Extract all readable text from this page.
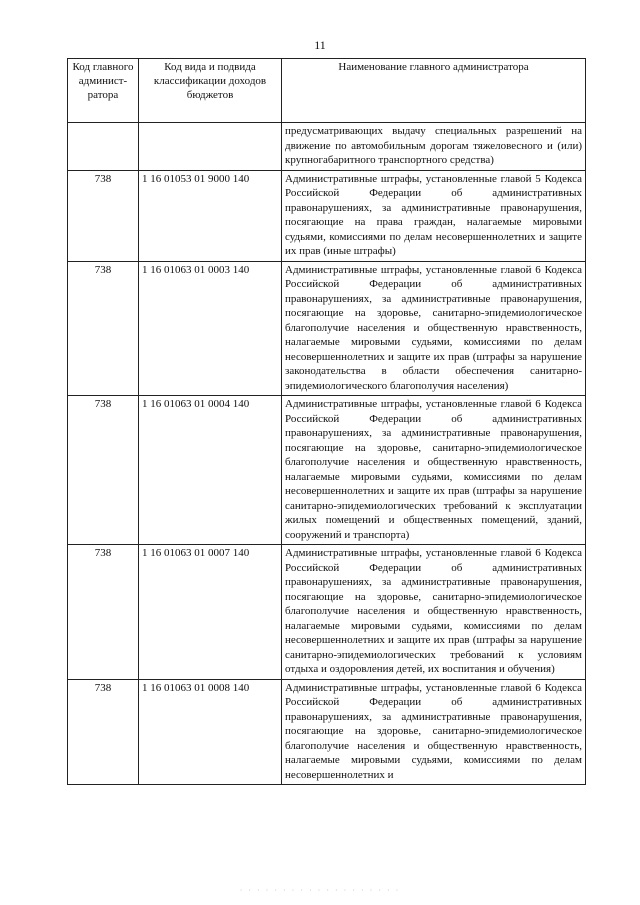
11
Код главного админист-ратора	Код вида и подвида классификации доходов бюджетов	Наименование главного администратора
		предусматривающих выдачу специальных разрешений на движение по автомобильным дорогам тяжеловесного и (или) крупногабаритного транспортного средства)
738	1 16 01053 01 9000 140	Административные штрафы, установленные главой 5 Кодекса Российской Федерации об административных правонарушениях, за административные правонарушения, посягающие на права граждан, налагаемые мировыми судьями, комиссиями по делам несовершеннолетних и защите их прав (иные штрафы)
738	1 16 01063 01 0003 140	Административные штрафы, установленные главой 6 Кодекса Российской Федерации об административных правонарушениях, за административные правонарушения, посягающие на здоровье, санитарно-эпидемиологическое благополучие населения и общественную нравственность, налагаемые мировыми судьями, комиссиями по делам несовершеннолетних и защите их прав (штрафы за нарушение законодательства в области обеспечения санитарно-эпидемиологического благополучия населения)
738	1 16 01063 01 0004 140	Административные штрафы, установленные главой 6 Кодекса Российской Федерации об административных правонарушениях, за административные правонарушения, посягающие на здоровье, санитарно-эпидемиологическое благополучие населения и общественную нравственность, налагаемые мировыми судьями, комиссиями по делам несовершеннолетних и защите их прав (штрафы за нарушение санитарно-эпидемиологических требований к эксплуатации жилых помещений и общественных помещений, зданий, сооружений и транспорта)
738	1 16 01063 01 0007 140	Административные штрафы, установленные главой 6 Кодекса Российской Федерации об административных правонарушениях, за административные правонарушения, посягающие на здоровье, санитарно-эпидемиологическое благополучие населения и общественную нравственность, налагаемые мировыми судьями, комиссиями по делам несовершеннолетних и защите их прав (штрафы за нарушение санитарно-эпидемиологических требований к условиям отдыха и оздоровления детей, их воспитания и обучения)
738	1 16 01063 01 0008 140	Административные штрафы, установленные главой 6 Кодекса Российской Федерации об административных правонарушениях, за административные правонарушения, посягающие на здоровье, санитарно-эпидемиологическое благополучие населения и общественную нравственность, налагаемые мировыми судьями, комиссиями по делам несовершеннолетних и
· · · · · · · · · · · · · · · · · · ·
